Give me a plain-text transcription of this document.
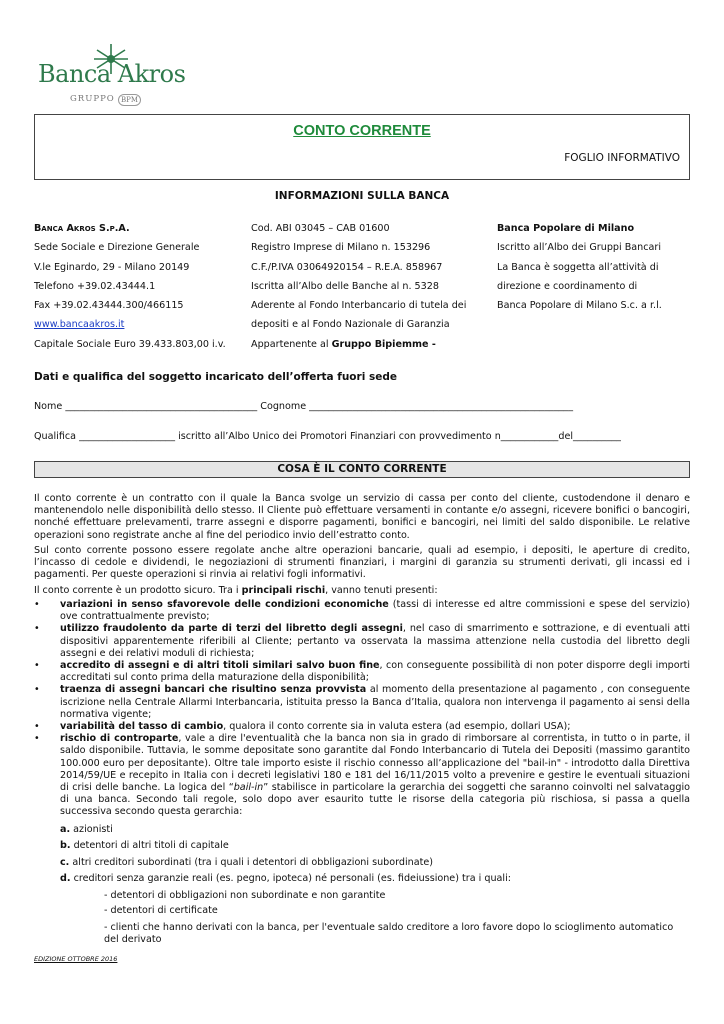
Banca Akros
GRUPPO BPM
CONTO CORRENTE
FOGLIO INFORMATIVO
INFORMAZIONI SULLA BANCA
Banca Akros S.p.A.
Sede Sociale e Direzione Generale
V.le Eginardo, 29 - Milano 20149
Telefono +39.02.43444.1
Fax +39.02.43444.300/466115
www.bancaakros.it
Capitale Sociale Euro 39.433.803,00 i.v.
Cod. ABI 03045 – CAB 01600
Registro Imprese di Milano n. 153296
C.F./P.IVA 03064920154 – R.E.A. 858967
Iscritta all’Albo delle Banche al n. 5328
Aderente al Fondo Interbancario di tutela dei
depositi e al Fondo Nazionale di Garanzia
Appartenente al Gruppo Bipiemme -
Banca Popolare di Milano
Iscritto all’Albo dei Gruppi Bancari
La Banca è soggetta all’attività di
direzione e coordinamento di
Banca Popolare di Milano S.c. a r.l.
Dati e qualifica del soggetto incaricato dell’offerta fuori sede
Nome ________________________________________ Cognome _______________________________________________________
Qualifica ____________________ iscritto all’Albo Unico dei Promotori Finanziari con provvedimento n____________del__________
COSA È IL CONTO CORRENTE
Il conto corrente è un contratto con il quale la Banca svolge un servizio di cassa per conto del cliente, custodendone il denaro e mantenendolo nelle disponibilità dello stesso. Il Cliente può effettuare versamenti in contante e/o assegni, ricevere bonifici o bancogiri, nonché effettuare prelevamenti, trarre assegni e disporre pagamenti, bonifici e bancogiri, nei limiti del saldo disponibile. Le relative operazioni sono registrate anche al fine del periodico invio dell’estratto conto.
Sul conto corrente possono essere regolate anche altre operazioni bancarie, quali ad esempio, i depositi, le aperture di credito, l’incasso di cedole e dividendi, le negoziazioni di strumenti finanziari, i margini di garanzia su strumenti derivati, gli incassi ed i pagamenti. Per queste operazioni si rinvia ai relativi fogli informativi.
Il conto corrente è un prodotto sicuro. Tra i principali rischi, vanno tenuti presenti:
• variazioni in senso sfavorevole delle condizioni economiche (tassi di interesse ed altre commissioni e spese del servizio) ove contrattualmente previsto;
• utilizzo fraudolento da parte di terzi del libretto degli assegni, nel caso di smarrimento e sottrazione, e di eventuali atti dispositivi apparentemente riferibili al Cliente; pertanto va osservata la massima attenzione nella custodia del libretto degli assegni e dei relativi moduli di richiesta;
• accredito di assegni e di altri titoli similari salvo buon fine, con conseguente possibilità di non poter disporre degli importi accreditati sul conto prima della maturazione della disponibilità;
• traenza di assegni bancari che risultino senza provvista al momento della presentazione al pagamento , con conseguente iscrizione nella Centrale Allarmi Interbancaria, istituita presso la Banca d’Italia, qualora non intervenga il pagamento ai sensi della normativa vigente;
• variabilità del tasso di cambio, qualora il conto corrente sia in valuta estera (ad esempio, dollari USA);
• rischio di controparte, vale a dire l'eventualità che la banca non sia in grado di rimborsare al correntista, in tutto o in parte, il saldo disponibile. Tuttavia, le somme depositate sono garantite dal Fondo Interbancario di Tutela dei Depositi (massimo garantito 100.000 euro per depositante). Oltre tale importo esiste il rischio connesso all’applicazione del "bail-in" - introdotto dalla Direttiva 2014/59/UE e recepito in Italia con i decreti legislativi 180 e 181 del 16/11/2015 volto a prevenire e gestire le eventuali situazioni di crisi delle banche. La logica del “bail-in” stabilisce in particolare la gerarchia dei soggetti che saranno coinvolti nel salvataggio di una banca. Secondo tali regole, solo dopo aver esaurito tutte le risorse della categoria più rischiosa, si passa a quella successiva secondo questa gerarchia:
a. azionisti
b. detentori di altri titoli di capitale
c. altri creditori subordinati (tra i quali i detentori di obbligazioni subordinate)
d. creditori senza garanzie reali (es. pegno, ipoteca) né personali (es. fideiussione) tra i quali:
- detentori di obbligazioni non subordinate e non garantite
- detentori di certificate
- clienti che hanno derivati con la banca, per l'eventuale saldo creditore a loro favore dopo lo scioglimento automatico del derivato
EDIZIONE OTTOBRE 2016
